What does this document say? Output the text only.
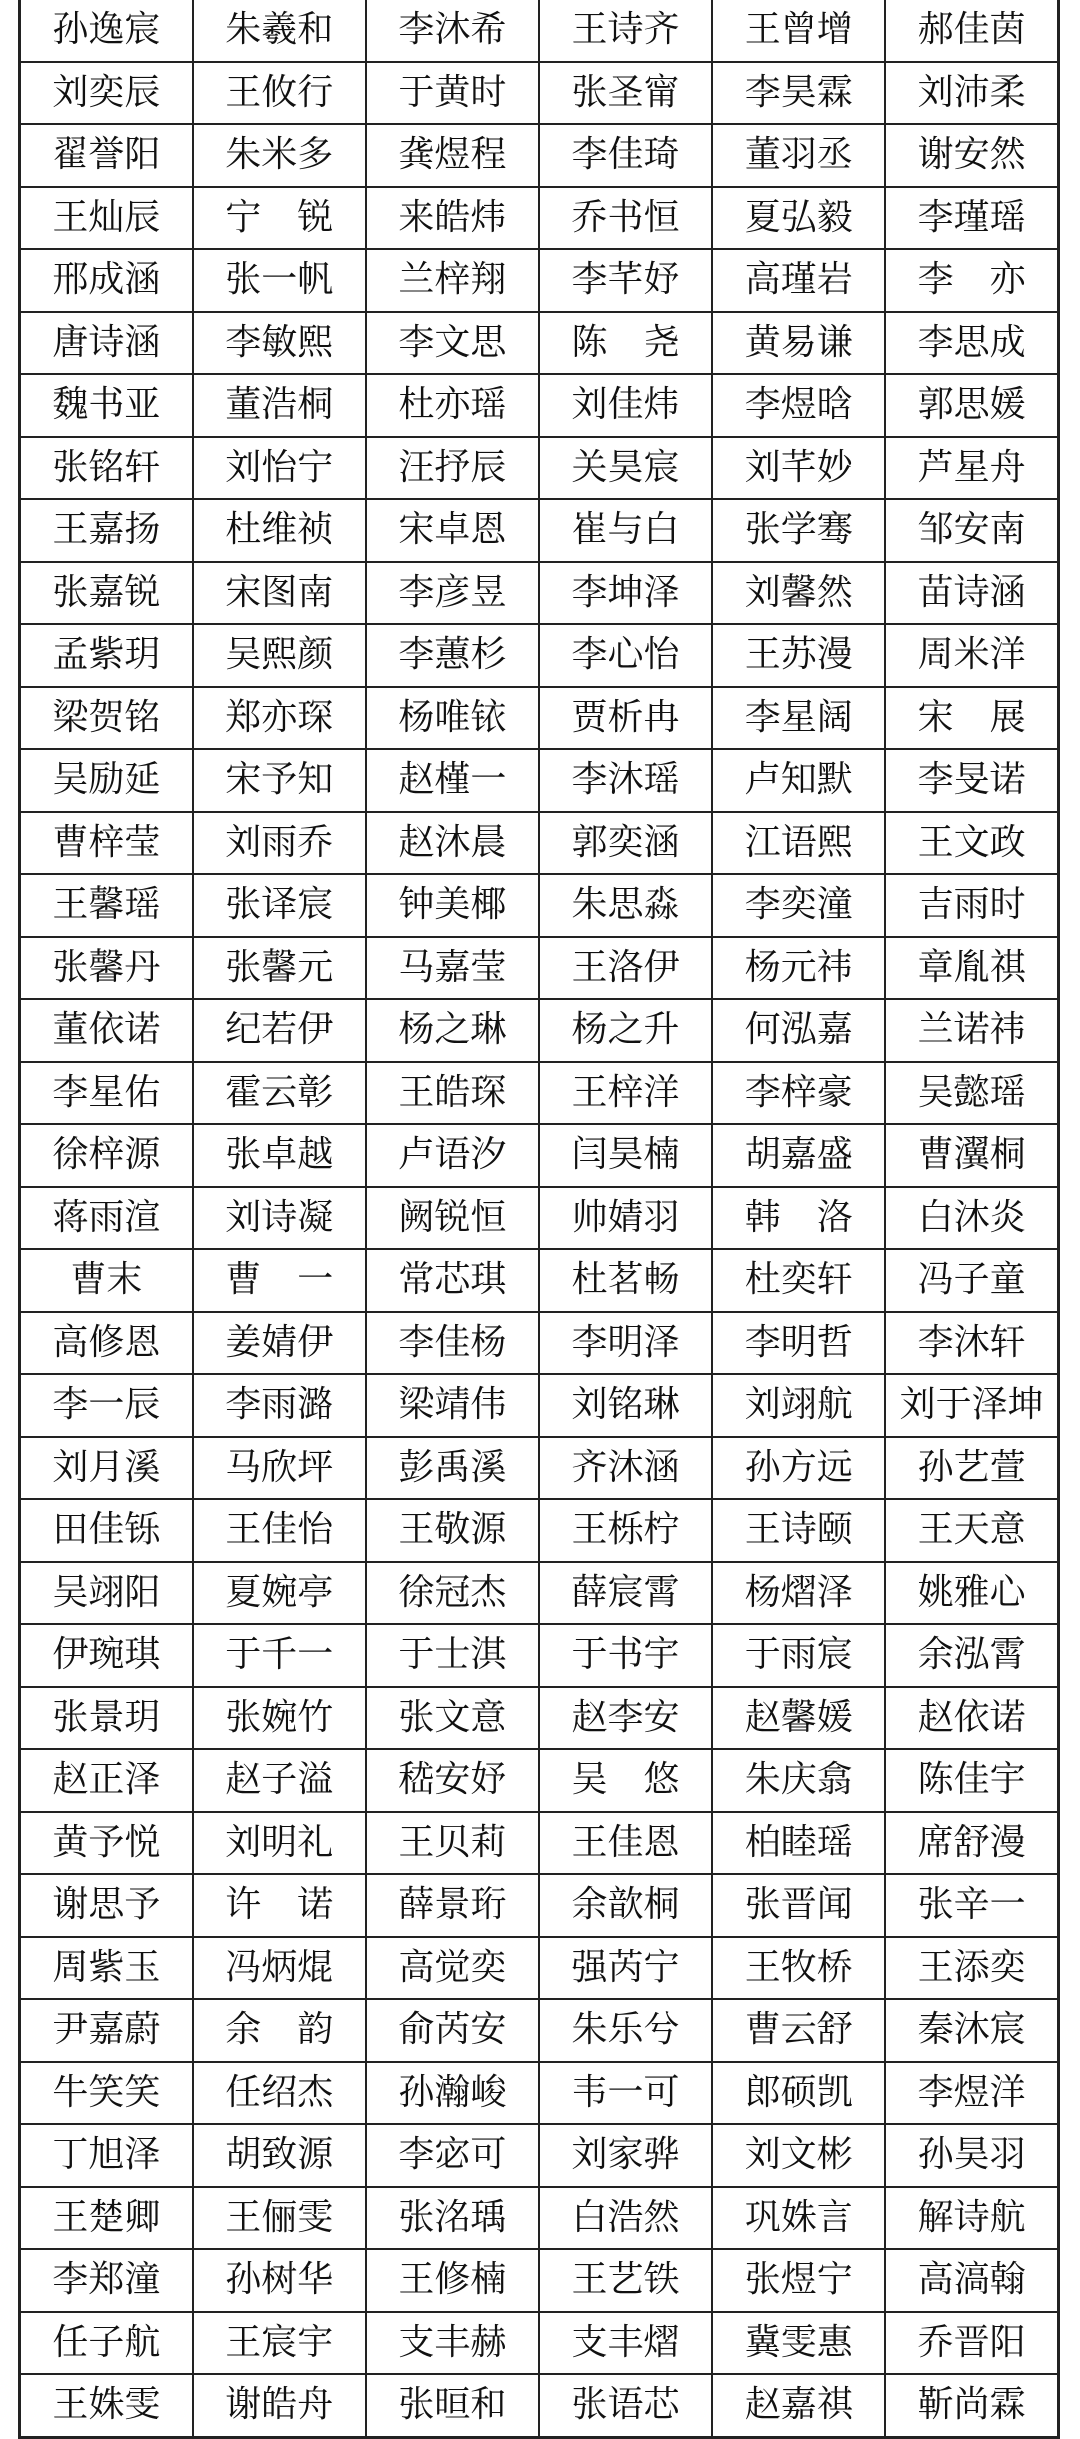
孙逸宸	朱羲和	李沐希	王诗齐	王曾增	郝佳茵
刘奕辰	王攸行	于黄时	张圣甯	李昊霖	刘沛柔
翟誉阳	朱米多	龚煜程	李佳琦	董羽丞	谢安然
王灿辰	宁　锐	来皓炜	乔书恒	夏弘毅	李瑾瑶
邢成涵	张一帆	兰梓翔	李芊妤	高瑾岩	李　亦
唐诗涵	李敏熙	李文思	陈　尧	黄易谦	李思成
魏书亚	董浩桐	杜亦瑶	刘佳炜	李煜晗	郭思媛
张铭轩	刘怡宁	汪抒辰	关昊宸	刘芊妙	芦星舟
王嘉扬	杜维祯	宋卓恩	崔与白	张学骞	邹安南
张嘉锐	宋图南	李彦昱	李坤泽	刘馨然	苗诗涵
孟紫玥	吴熙颜	李蕙杉	李心怡	王苏漫	周米洋
梁贺铭	郑亦琛	杨唯铱	贾析冉	李星阔	宋　展
吴励延	宋予知	赵槿一	李沐瑶	卢知默	李旻诺
曹梓莹	刘雨乔	赵沐晨	郭奕涵	江语熙	王文政
王馨瑶	张译宸	钟美椰	朱思淼	李奕潼	吉雨时
张馨丹	张馨元	马嘉莹	王洛伊	杨元祎	章胤祺
董依诺	纪若伊	杨之琳	杨之升	何泓嘉	兰诺祎
李星佑	霍云彰	王皓琛	王梓洋	李梓豪	吴懿瑶
徐梓源	张卓越	卢语汐	闫昊楠	胡嘉盛	曹瀷桐
蒋雨渲	刘诗凝	阙锐恒	帅婧羽	韩　洛	白沐炎
曹末	曹　一	常芯琪	杜茗畅	杜奕轩	冯子童
高修恩	姜婧伊	李佳杨	李明泽	李明哲	李沐轩
李一辰	李雨潞	梁靖伟	刘铭琳	刘翊航	刘于泽坤
刘月溪	马欣坪	彭禹溪	齐沐涵	孙方远	孙艺萱
田佳铄	王佳怡	王敬源	王栎柠	王诗颐	王天意
吴翊阳	夏婉亭	徐冠杰	薛宸霄	杨熠泽	姚雅心
伊琬琪	于千一	于士淇	于书宇	于雨宸	余泓霄
张景玥	张婉竹	张文意	赵李安	赵馨媛	赵依诺
赵正泽	赵子溢	嵇安妤	吴　悠	朱庆翕	陈佳宇
黄予悦	刘明礼	王贝莉	王佳恩	柏睦瑶	席舒漫
谢思予	许　诺	薛景珩	余歆桐	张晋闻	张辛一
周紫玉	冯炳焜	高觉奕	强芮宁	王牧桥	王添奕
尹嘉蔚	余　韵	俞芮安	朱乐兮	曹云舒	秦沐宸
牛笑笑	任绍杰	孙瀚峻	韦一可	郎硕凯	李煜洋
丁旭泽	胡致源	李宓可	刘家骅	刘文彬	孙昊羽
王楚卿	王俪雯	张洺瑀	白浩然	巩姝言	解诗航
李郑潼	孙树华	王修楠	王艺铁	张煜宁	高滈翰
任子航	王宸宇	支丰赫	支丰熠	冀雯惠	乔晋阳
王姝雯	谢皓舟	张晅和	张语芯	赵嘉祺	靳尚霖
